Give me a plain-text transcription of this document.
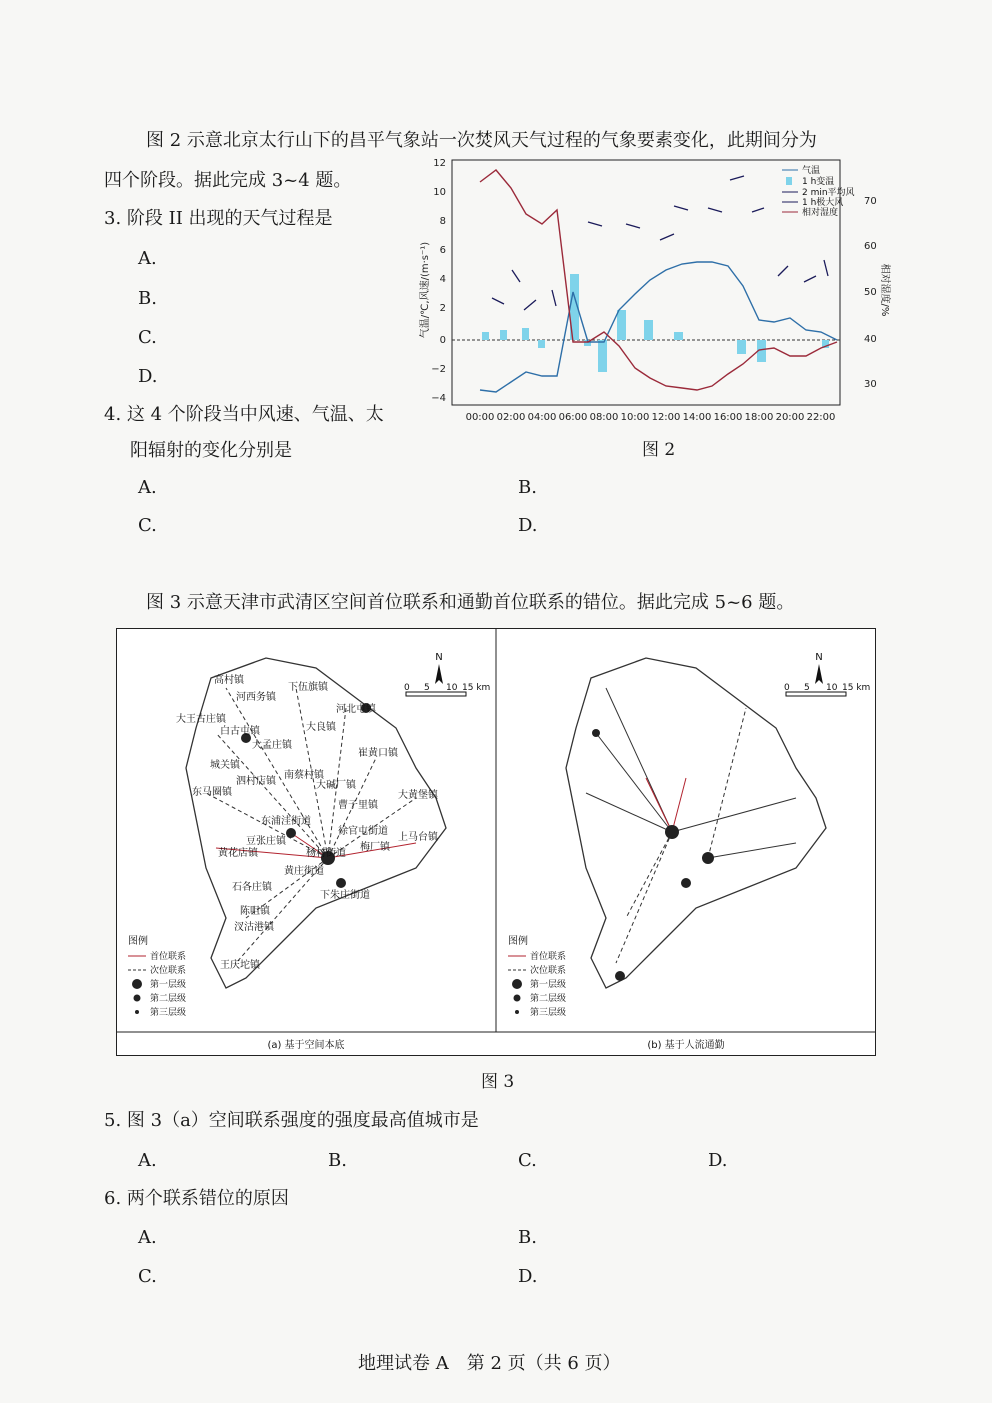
图 2 示意北京太行山下的昌平气象站一次焚风天气过程的气象要素变化，此期间分为
四个阶段。据此完成 3~4 题。
3. 阶段 II 出现的天气过程是
A.
B.
C.
D.
4. 这 4 个阶段当中风速、气温、太
阳辐射的变化分别是
A.	B.
C.	D.
12
10
8
6
4
2
0
−2
−4
70
60
50
40
30
气温/℃,风速/(m·s⁻¹)	相对湿度/%
00:00 02:00 04:00 06:00 08:00 10:00 12:00 14:00 16:00 18:00 20:00 22:00
气温
1 h变温
2 min平均风
1 h极大风
相对湿度
图 2
图 3 示意天津市武清区空间首位联系和通勤首位联系的错位。据此完成 5~6 题。
高村镇
下伍旗镇
河西务镇
河北屯镇
大王古庄镇
大良镇
白古屯镇
大孟庄镇
崔黄口镇
城关镇
南蔡村镇
泗村店镇	大碱厂镇
大黄堡镇
东马圈镇
曹子里镇
东浦洼街道
徐官屯街道
上马台镇
豆张庄镇
杨村街道
梅厂镇
黄花店镇
黄庄街道
石各庄镇
下朱庄街道
陈咀镇
汊沽港镇
王庆坨镇
N
0 5 10 15 km
N
0 5 10 15 km
图例
首位联系
次位联系
第一层级
第二层级
第三层级
图例
首位联系
次位联系
第一层级
第二层级
第三层级
(a) 基于空间本底	(b) 基于人流通勤
图 3
5. 图 3（a）空间联系强度的强度最高值城市是
A.	B.	C.	D.
6. 两个联系错位的原因
A.	B.
C.	D.
地理试卷 A　第 2 页（共 6 页）
